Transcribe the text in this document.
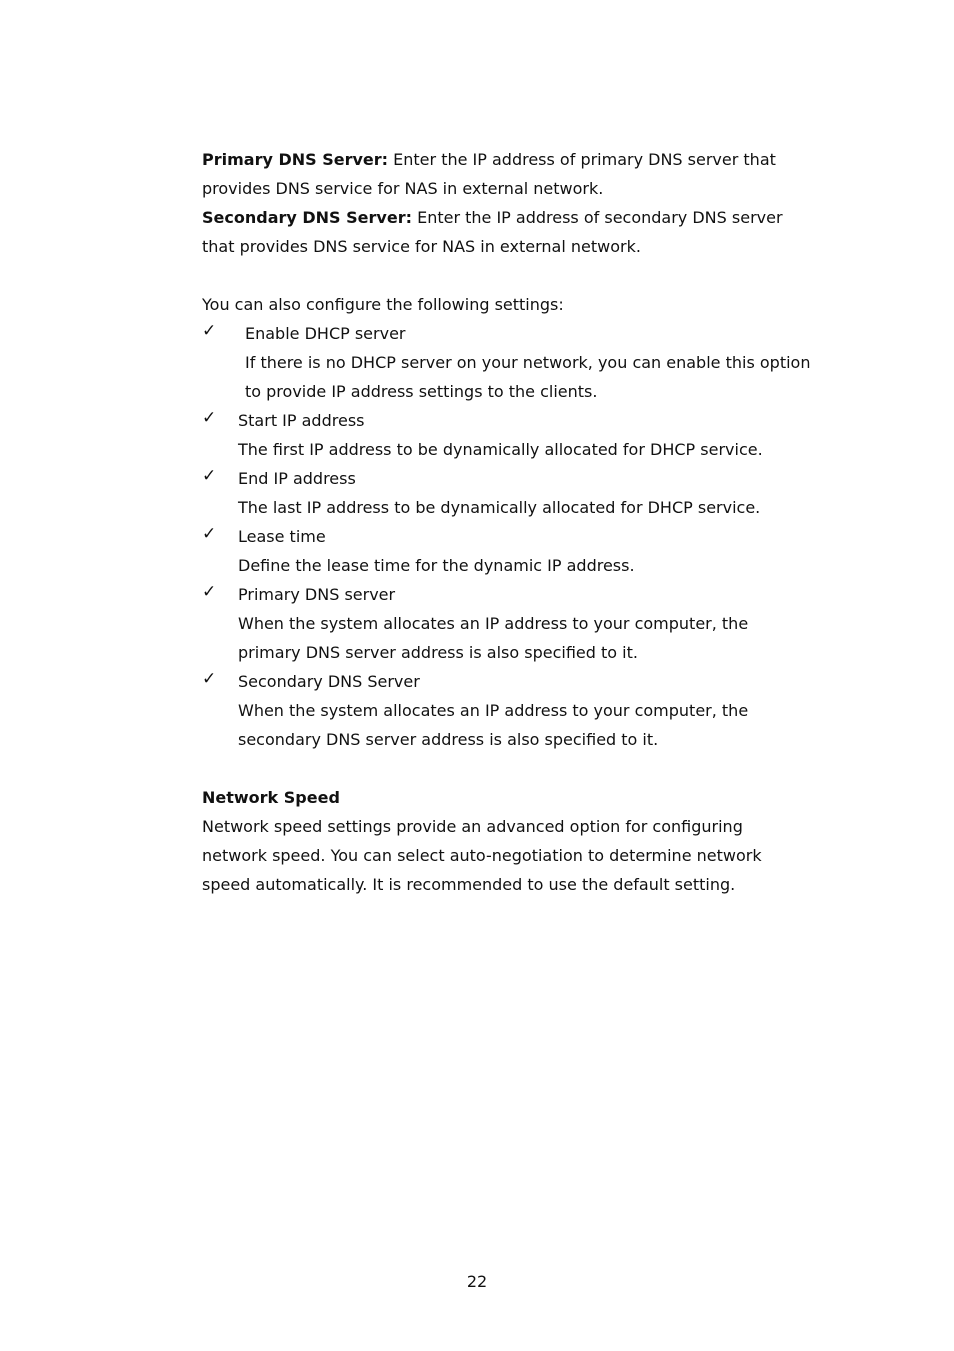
Primary DNS Server: Enter the IP address of primary DNS server that provides DNS service for NAS in external network.

Secondary DNS Server: Enter the IP address of secondary DNS server that provides DNS service for NAS in external network.

You can also configure the following settings:

✓ Enable DHCP server
If there is no DHCP server on your network, you can enable this option to provide IP address settings to the clients.
✓ Start IP address
The first IP address to be dynamically allocated for DHCP service.
✓ End IP address
The last IP address to be dynamically allocated for DHCP service.
✓ Lease time
Define the lease time for the dynamic IP address.
✓ Primary DNS server
When the system allocates an IP address to your computer, the primary DNS server address is also specified to it.
✓ Secondary DNS Server
When the system allocates an IP address to your computer, the secondary DNS server address is also specified to it.

Network Speed

Network speed settings provide an advanced option for configuring network speed. You can select auto-negotiation to determine network speed automatically. It is recommended to use the default setting.

22
